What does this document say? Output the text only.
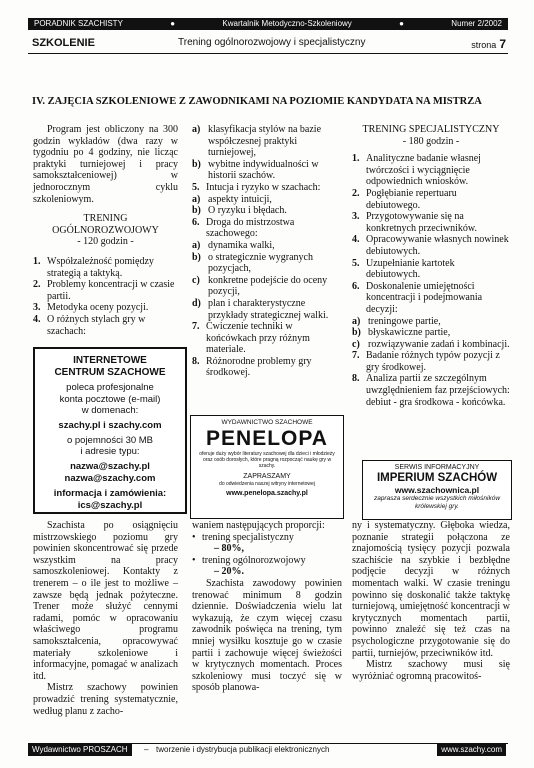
PORADNIK SZACHISTY	●	Kwartalnik Metodyczno-Szkoleniowy	●	Numer 2/2002
SZKOLENIE	Trening ogólnorozwojowy i specjalistyczny	strona 7
IV. ZAJĘCIA SZKOLENIOWE Z ZAWODNIKAMI NA POZIOMIE KANDYDATA NA MISTRZA

Program jest obliczony na 300 godzin wykładów (dwa razy w tygodniu po 4 godziny, nie licząc praktyki turniejowej i pracy samokształceniowej) w jednorocznym cyklu szkoleniowym.

TRENING OGÓLNOROZWOJOWY

- 120 godzin -

1. Współzależność pomiędzy strategią a taktyką.
2. Problemy koncentracji w czasie partii.
3. Metodyka oceny pozycji.
4. O różnych stylach gry w szachach:
INTERNETOWE
CENTRUM SZACHOWE
poleca profesjonalne
konta pocztowe (e-mail)
w domenach:
szachy.pl i szachy.com
o pojemności 30 MB
i adresie typu:
nazwa@szachy.pl
nazwa@szachy.com
informacja i zamówienia:
ics@szachy.pl
a) klasyfikacja stylów na bazie współczesnej praktyki turniejowej,
b) wybitne indywidualności w historii szachów.
5. Intucja i ryzyko w szachach:
a) aspekty intuicji,
b) O ryzyku i błędach.
6. Droga do mistrzostwa szachowego:
a) dynamika walki,
b) o strategicznie wygranych pozycjach,
c) konkretne podejście do oceny pozycji,
d) plan i charakterystyczne przykłady strategicznej walki.
7. Ćwiczenie techniki w końcówkach przy różnym materiale.
8. Różnorodne problemy gry środkowej.
WYDAWNICTWO SZACHOWE
PENELOPA
oferuje duży wybór literatury szachowej dla dzieci i młodzieży oraz osób dorosłych, które pragną rozpocząć naukę gry w szachy.
ZAPRASZAMY
do odwiedzenia naszej witryny internetowej
www.penelopa.szachy.pl

TRENING SPECJALISTYCZNY

- 180 godzin -

1. Analityczne badanie własnej twórczości i wyciągnięcie odpowiednich wniosków.
2. Pogłębianie repertuaru debiutowego.
3. Przygotowywanie się na konkretnych przeciwników.
4. Opracowywanie własnych nowinek debiutowych.
5. Uzupełnianie kartotek debiutowych.
6. Doskonalenie umiejętności koncentracji i podejmowania decyzji:
a) treningowe partie,
b) błyskawiczne partie,
c) rozwiązywanie zadań i kombinacji.
7. Badanie różnych typów pozycji z gry środkowej.
8. Analiza partii ze szczególnym uwzględnieniem faz przejściowych: debiut - gra środkowa - końcówka.
SERWIS INFORMACYJNY
IMPERIUM SZACHÓW
www.szachownica.pl
zaprasza serdecznie wszystkich miłośników królewskiej gry.

Szachista po osiągnięciu mistrzowskiego poziomu gry powinien skoncentrować się przede wszystkim na pracy samoszkoleniowej. Kontakty z trenerem – o ile jest to możliwe – zawsze będą jednak pożyteczne. Trener może służyć cennymi radami, pomóc w opracowaniu właściwego programu samokształcenia, opracowywać materiały szkoleniowe i informacyjne, pomagać w analizach itd.

Mistrz szachowy powinien prowadzić trening systematycznie, według planu z zacho-

waniem następujących proporcji:

• trening specjalistyczny
– 80%,
• trening ogólnorozwojowy
– 20%.

Szachista zawodowy powinien trenować minimum 8 godzin dziennie. Doświadczenia wielu lat wykazują, że czym więcej czasu zawodnik poświęca na trening, tym mniej wysiłku kosztuje go w czasie partii i zachowuje więcej świeżości w krytycznych momentach. Proces szkoleniowy musi toczyć się w sposób planowa-

ny i systematyczny. Głęboka wiedza, poznanie strategii połączona ze znajomością tysięcy pozycji pozwala szachiście na szybkie i bezbłędne podjęcie decyzji w różnych momentach walki. W czasie treningu powinno się doskonalić także taktykę turniejową, umiejętność koncentracji w krytycznych momentach partii, powinno znaleźć się też czas na psychologiczne przygotowanie się do partii, turniejów, przeciwników itd.

Mistrz szachowy musi się wyróżniać ogromną pracowitoś-

Wydawnictwo PROSZACH	– tworzenie i dystrybucja publikacji elektronicznych	www.szachy.com
